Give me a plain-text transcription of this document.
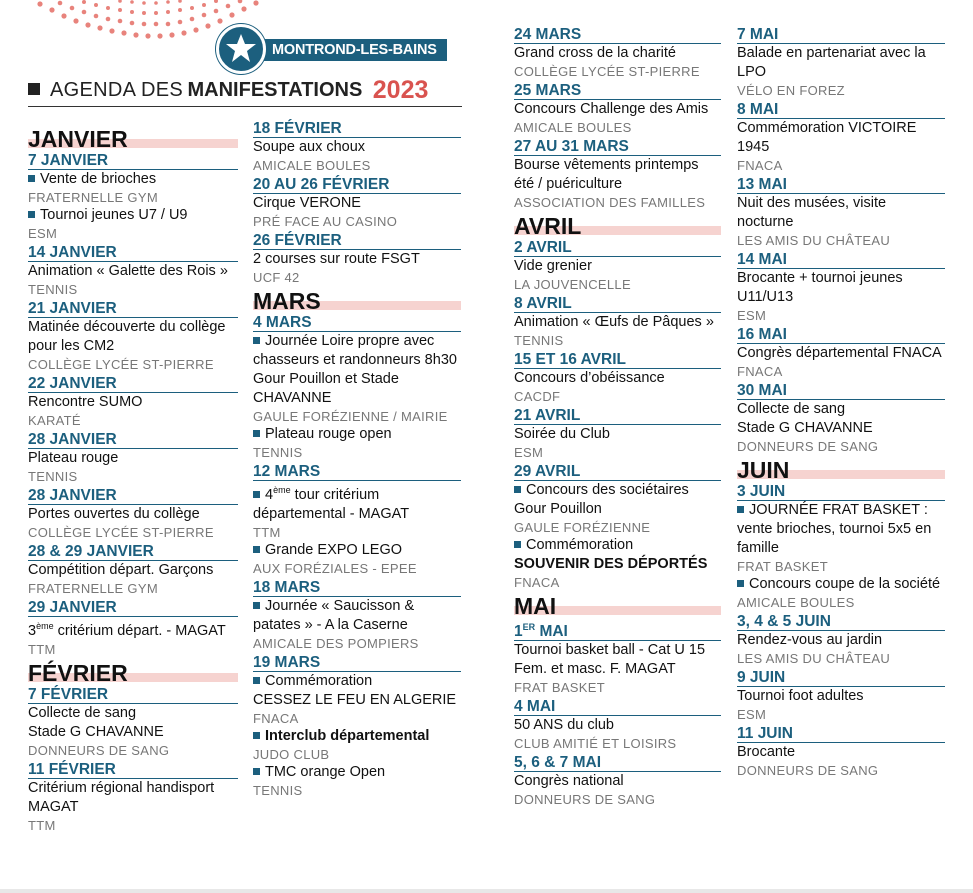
MONTROND-LES-BAINS
AGENDA DES MANIFESTATIONS 2023
JANVIER
7 JANVIER
Vente de brioches
FRATERNELLE GYM
Tournoi jeunes U7 / U9
ESM
14 JANVIER
Animation « Galette des Rois »
TENNIS
21 JANVIER
Matinée découverte du collège pour les CM2
COLLÈGE LYCÉE ST-PIERRE
22 JANVIER
Rencontre SUMO
KARATÉ
28 JANVIER
Plateau rouge
TENNIS
28 JANVIER
Portes ouvertes du collège
COLLÈGE LYCÉE ST-PIERRE
28 & 29 JANVIER
Compétition départ. Garçons
FRATERNELLE GYM
29 JANVIER
3ème critérium départ. - MAGAT
TTM
FÉVRIER
7 FÉVRIER
Collecte de sang
Stade G CHAVANNE
DONNEURS DE SANG
11 FÉVRIER
Critérium régional handisport MAGAT
TTM
18 FÉVRIER
Soupe aux choux
AMICALE BOULES
20 AU 26 FÉVRIER
Cirque VERONE
PRÉ FACE AU CASINO
26 FÉVRIER
2 courses sur route FSGT
UCF 42
MARS
4 MARS
Journée Loire propre avec chasseurs et randonneurs 8h30 Gour Pouillon et Stade CHAVANNE
GAULE FORÉZIENNE / MAIRIE
Plateau rouge open
TENNIS
12 MARS
4ème tour critérium départemental - MAGAT
TTM
Grande EXPO LEGO
AUX FORÉZIALES - EPEE
18 MARS
Journée « Saucisson & patates » - A la Caserne
AMICALE DES POMPIERS
19 MARS
Commémoration
CESSEZ LE FEU EN ALGERIE
FNACA
Interclub départemental
JUDO CLUB
TMC orange Open
TENNIS
24 MARS
Grand cross de la charité
COLLÈGE LYCÉE ST-PIERRE
25 MARS
Concours Challenge des Amis
AMICALE BOULES
27 AU 31 MARS
Bourse vêtements printemps été / puériculture
ASSOCIATION DES FAMILLES
AVRIL
2 AVRIL
Vide grenier
LA JOUVENCELLE
8 AVRIL
Animation « Œufs de Pâques »
TENNIS
15 ET 16 AVRIL
Concours d’obéissance
CACDF
21 AVRIL
Soirée du Club
ESM
29 AVRIL
Concours des sociétaires Gour Pouillon
GAULE FORÉZIENNE
Commémoration
SOUVENIR DES DÉPORTÉS
FNACA
MAI
1ER MAI
Tournoi basket ball - Cat U 15 Fem. et masc. F. MAGAT
FRAT BASKET
4 MAI
50 ANS du club
CLUB AMITIÉ ET LOISIRS
5, 6 & 7 MAI
Congrès national
DONNEURS DE SANG
7 MAI
Balade en partenariat avec la LPO
VÉLO EN FOREZ
8 MAI
Commémoration VICTOIRE 1945
FNACA
13 MAI
Nuit des musées, visite nocturne
LES AMIS DU CHÂTEAU
14 MAI
Brocante + tournoi jeunes U11/U13
ESM
16 MAI
Congrès départemental FNACA
FNACA
30 MAI
Collecte de sang
Stade G CHAVANNE
DONNEURS DE SANG
JUIN
3 JUIN
JOURNÉE FRAT BASKET : vente brioches, tournoi 5x5 en famille
FRAT BASKET
Concours coupe de la société
AMICALE BOULES
3, 4 & 5 JUIN
Rendez-vous au jardin
LES AMIS DU CHÂTEAU
9 JUIN
Tournoi foot adultes
ESM
11 JUIN
Brocante
DONNEURS DE SANG
